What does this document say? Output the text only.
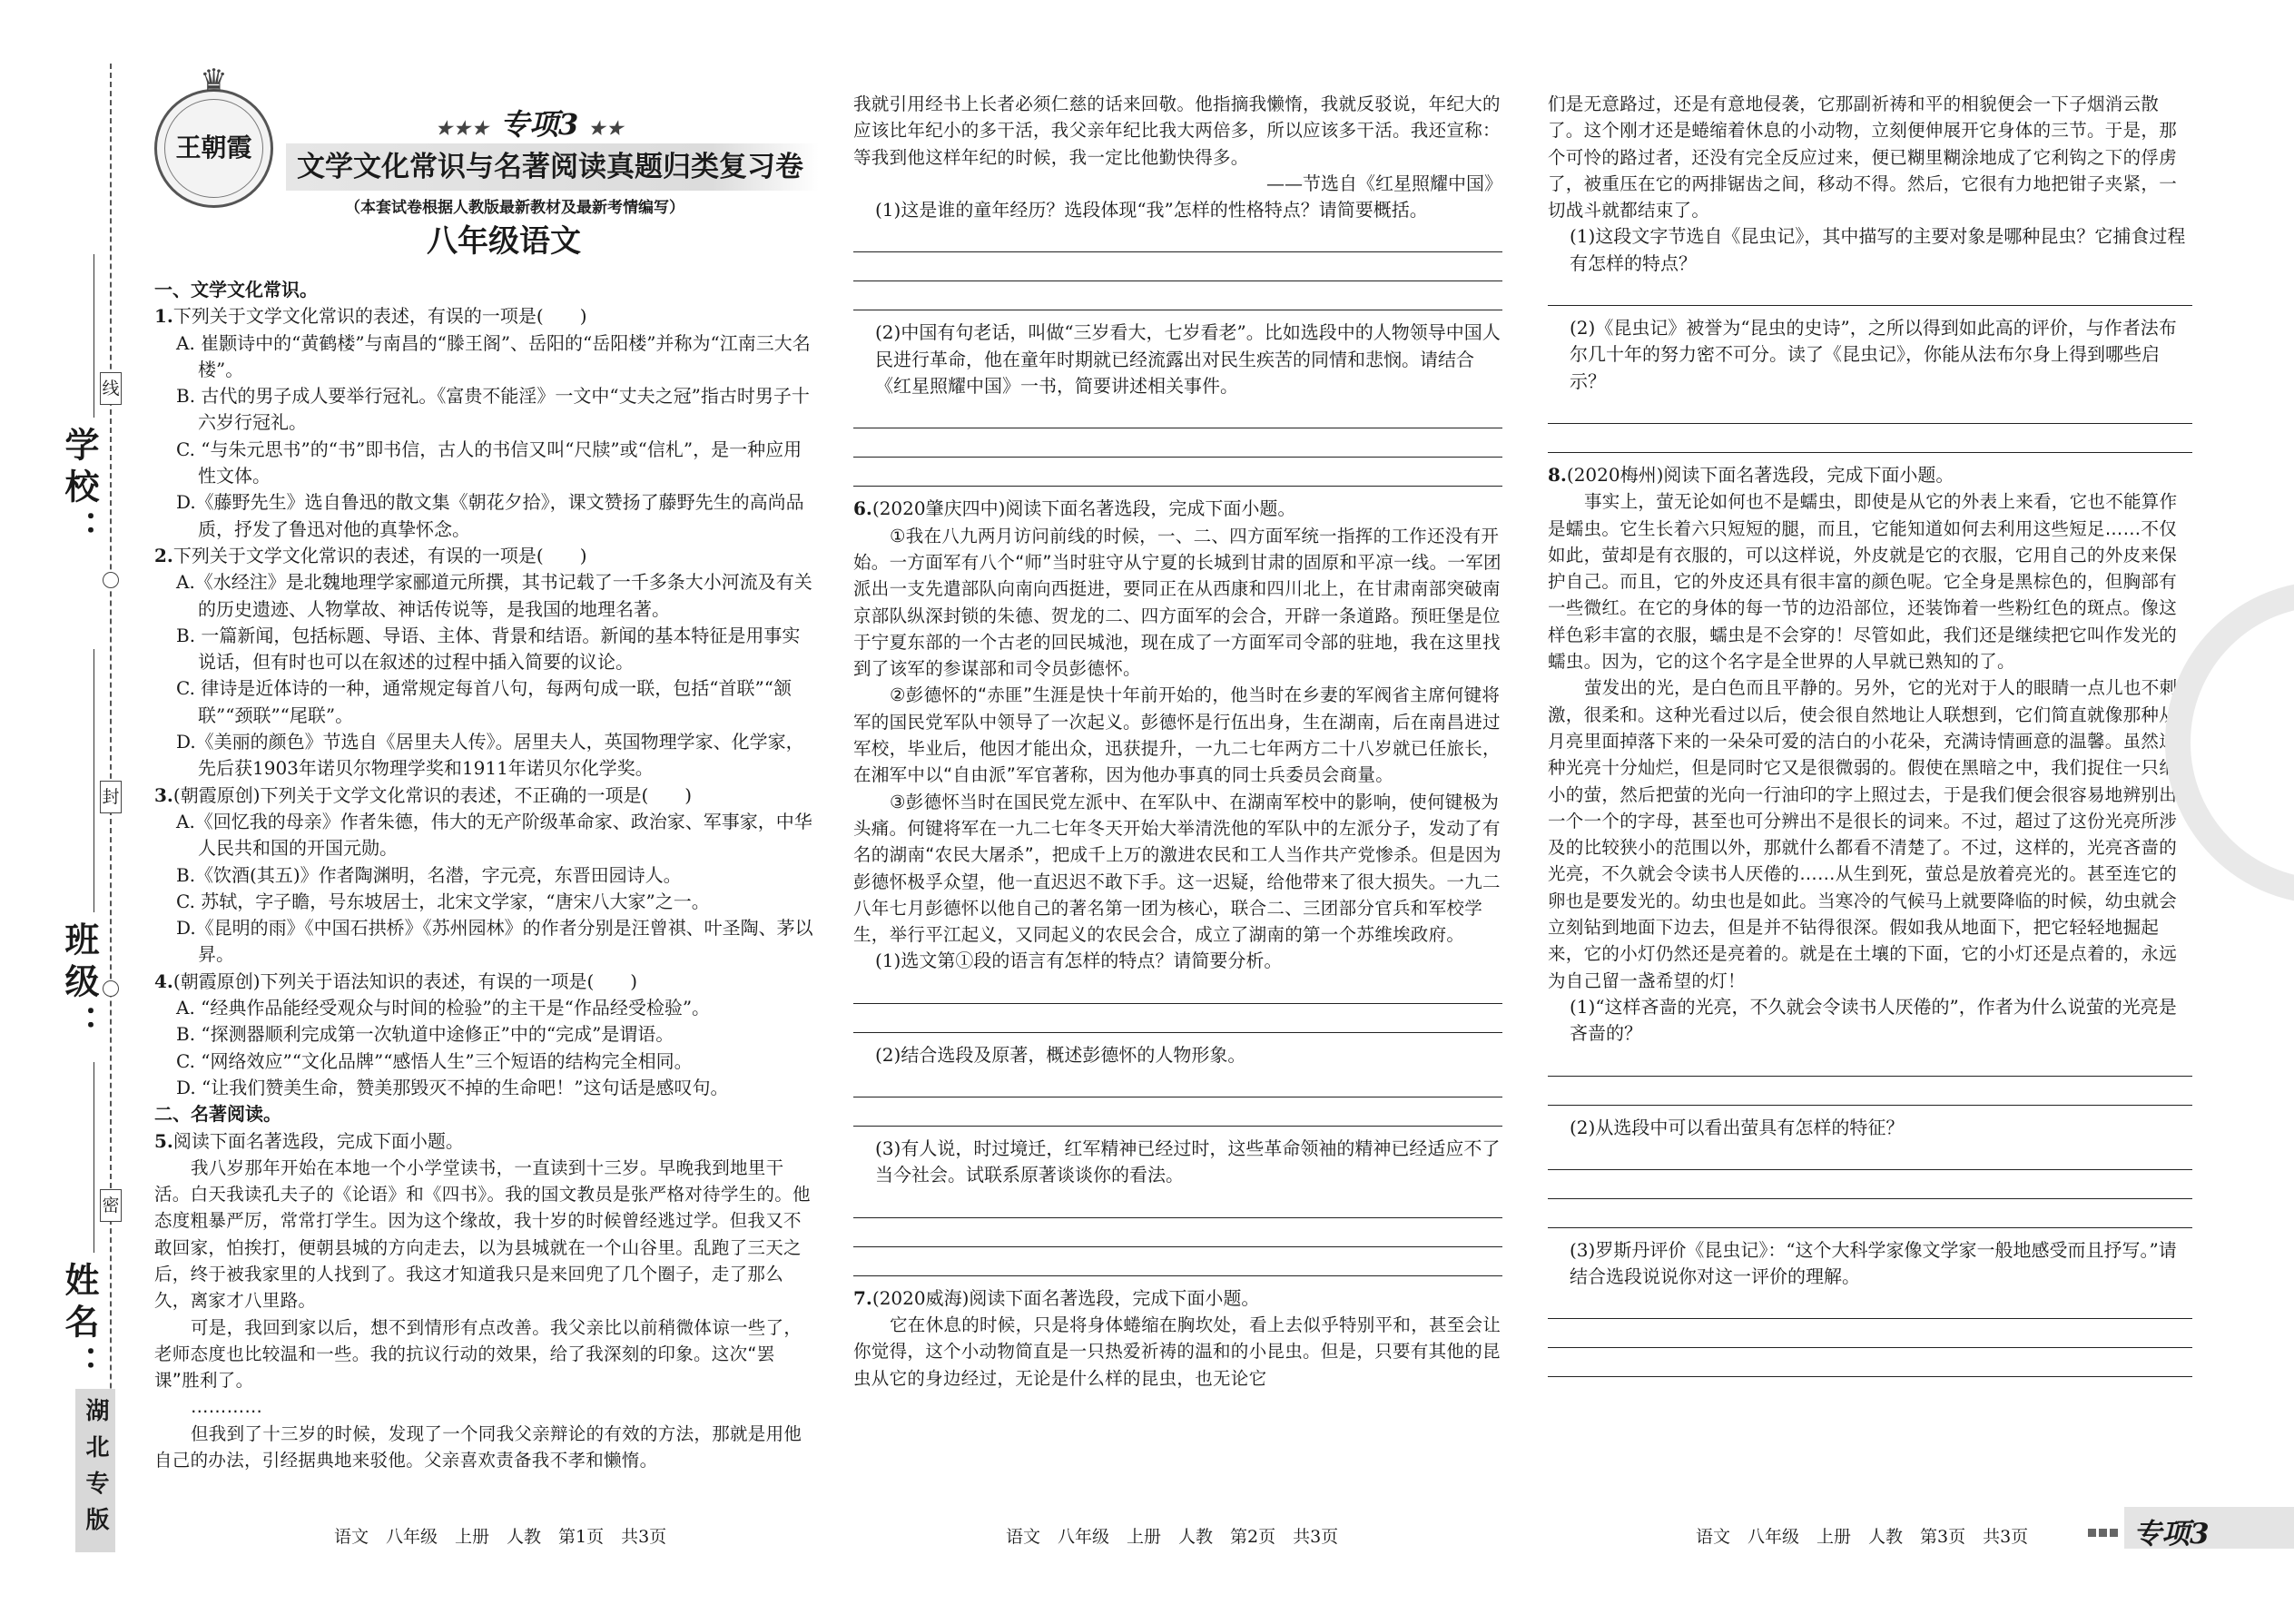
线
封
密
学校：
班级：
姓名：
湖北专版
♛
王朝霞
★★★ 专项3 ★★
文学文化常识与名著阅读真题归类复习卷
（本套试卷根据人教版最新教材及最新考情编写）
八年级语文

一、文学文化常识。

1.下列关于文学文化常识的表述，有误的一项是(　　)

A. 崔颢诗中的“黄鹤楼”与南昌的“滕王阁”、岳阳的“岳阳楼”并称为“江南三大名楼”。

B. 古代的男子成人要举行冠礼。《富贵不能淫》一文中“丈夫之冠”指古时男子十六岁行冠礼。

C. “与朱元思书”的“书”即书信，古人的书信又叫“尺牍”或“信札”，是一种应用性文体。

D.《藤野先生》选自鲁迅的散文集《朝花夕拾》，课文赞扬了藤野先生的高尚品质，抒发了鲁迅对他的真挚怀念。

2.下列关于文学文化常识的表述，有误的一项是(　　)

A.《水经注》是北魏地理学家郦道元所撰，其书记载了一千多条大小河流及有关的历史遗迹、人物掌故、神话传说等，是我国的地理名著。

B. 一篇新闻，包括标题、导语、主体、背景和结语。新闻的基本特征是用事实说话，但有时也可以在叙述的过程中插入简要的议论。

C. 律诗是近体诗的一种，通常规定每首八句，每两句成一联，包括“首联”“颔联”“颈联”“尾联”。

D.《美丽的颜色》节选自《居里夫人传》。居里夫人，英国物理学家、化学家，先后获1903年诺贝尔物理学奖和1911年诺贝尔化学奖。

3.(朝霞原创)下列关于文学文化常识的表述，不正确的一项是(　　)

A.《回忆我的母亲》作者朱德，伟大的无产阶级革命家、政治家、军事家，中华人民共和国的开国元勋。

B.《饮酒(其五)》作者陶渊明，名潜，字元亮，东晋田园诗人。

C. 苏轼，字子瞻，号东坡居士，北宋文学家，“唐宋八大家”之一。

D.《昆明的雨》《中国石拱桥》《苏州园林》的作者分别是汪曾祺、叶圣陶、茅以昇。

4.(朝霞原创)下列关于语法知识的表述，有误的一项是(　　)

A. “经典作品能经受观众与时间的检验”的主干是“作品经受检验”。

B. “探测器顺利完成第一次轨道中途修正”中的“完成”是谓语。

C. “网络效应”“文化品牌”“感悟人生”三个短语的结构完全相同。

D. “让我们赞美生命，赞美那毁灭不掉的生命吧！”这句话是感叹句。

二、名著阅读。

5.阅读下面名著选段，完成下面小题。

我八岁那年开始在本地一个小学堂读书，一直读到十三岁。早晚我到地里干活。白天我读孔夫子的《论语》和《四书》。我的国文教员是张严格对待学生的。他态度粗暴严厉，常常打学生。因为这个缘故，我十岁的时候曾经逃过学。但我又不敢回家，怕挨打，便朝县城的方向走去，以为县城就在一个山谷里。乱跑了三天之后，终于被我家里的人找到了。我这才知道我只是来回兜了几个圈子，走了那么久，离家才八里路。

可是，我回到家以后，想不到情形有点改善。我父亲比以前稍微体谅一些了，老师态度也比较温和一些。我的抗议行动的效果，给了我深刻的印象。这次“罢课”胜利了。

…………

但我到了十三岁的时候，发现了一个同我父亲辩论的有效的方法，那就是用他自己的办法，引经据典地来驳他。父亲喜欢责备我不孝和懒惰。

我就引用经书上长者必须仁慈的话来回敬。他指摘我懒惰，我就反驳说，年纪大的应该比年纪小的多干活，我父亲年纪比我大两倍多，所以应该多干活。我还宣称：等我到他这样年纪的时候，我一定比他勤快得多。

——节选自《红星照耀中国》

(1)这是谁的童年经历？选段体现“我”怎样的性格特点？请简要概括。

(2)中国有句老话，叫做“三岁看大，七岁看老”。比如选段中的人物领导中国人民进行革命，他在童年时期就已经流露出对民生疾苦的同情和悲悯。请结合《红星照耀中国》一书，简要讲述相关事件。

6.(2020肇庆四中)阅读下面名著选段，完成下面小题。

①我在八九两月访问前线的时候，一、二、四方面军统一指挥的工作还没有开始。一方面军有八个“师”当时驻守从宁夏的长城到甘肃的固原和平凉一线。一军团派出一支先遣部队向南向西挺进，要同正在从西康和四川北上，在甘肃南部突破南京部队纵深封锁的朱德、贺龙的二、四方面军的会合，开辟一条道路。预旺堡是位于宁夏东部的一个古老的回民城池，现在成了一方面军司令部的驻地，我在这里找到了该军的参谋部和司令员彭德怀。

②彭德怀的“赤匪”生涯是快十年前开始的，他当时在乡妻的军阀省主席何键将军的国民党军队中领导了一次起义。彭德怀是行伍出身，生在湖南，后在南昌进过军校，毕业后，他因才能出众，迅获提升，一九二七年两方二十八岁就已任旅长，在湘军中以“自由派”军官著称，因为他办事真的同士兵委员会商量。

③彭德怀当时在国民党左派中、在军队中、在湖南军校中的影响，使何键极为头痛。何键将军在一九二七年冬天开始大举清洗他的军队中的左派分子，发动了有名的湖南“农民大屠杀”，把成千上万的激进农民和工人当作共产党惨杀。但是因为彭德怀极孚众望，他一直迟迟不敢下手。这一迟疑，给他带来了很大损失。一九二八年七月彭德怀以他自己的著名第一团为核心，联合二、三团部分官兵和军校学生，举行平江起义，又同起义的农民会合，成立了湖南的第一个苏维埃政府。

(1)选文第①段的语言有怎样的特点？请简要分析。

(2)结合选段及原著，概述彭德怀的人物形象。

(3)有人说，时过境迁，红军精神已经过时，这些革命领袖的精神已经适应不了当今社会。试联系原著谈谈你的看法。

7.(2020威海)阅读下面名著选段，完成下面小题。

它在休息的时候，只是将身体蜷缩在胸坎处，看上去似乎特别平和，甚至会让你觉得，这个小动物简直是一只热爱祈祷的温和的小昆虫。但是，只要有其他的昆虫从它的身边经过，无论是什么样的昆虫，也无论它

们是无意路过，还是有意地侵袭，它那副祈祷和平的相貌便会一下子烟消云散了。这个刚才还是蜷缩着休息的小动物，立刻便伸展开它身体的三节。于是，那个可怜的路过者，还没有完全反应过来，便已糊里糊涂地成了它利钩之下的俘虏了，被重压在它的两排锯齿之间，移动不得。然后，它很有力地把钳子夹紧，一切战斗就都结束了。

(1)这段文字节选自《昆虫记》，其中描写的主要对象是哪种昆虫？它捕食过程有怎样的特点？

(2)《昆虫记》被誉为“昆虫的史诗”，之所以得到如此高的评价，与作者法布尔几十年的努力密不可分。读了《昆虫记》，你能从法布尔身上得到哪些启示？

8.(2020梅州)阅读下面名著选段，完成下面小题。

事实上，萤无论如何也不是蠕虫，即使是从它的外表上来看，它也不能算作是蠕虫。它生长着六只短短的腿，而且，它能知道如何去利用这些短足……不仅如此，萤却是有衣服的，可以这样说，外皮就是它的衣服，它用自己的外皮来保护自己。而且，它的外皮还具有很丰富的颜色呢。它全身是黑棕色的，但胸部有一些微红。在它的身体的每一节的边沿部位，还装饰着一些粉红色的斑点。像这样色彩丰富的衣服，蠕虫是不会穿的！尽管如此，我们还是继续把它叫作发光的蠕虫。因为，它的这个名字是全世界的人早就已熟知的了。

萤发出的光，是白色而且平静的。另外，它的光对于人的眼睛一点儿也不刺激，很柔和。这种光看过以后，使会很自然地让人联想到，它们简直就像那种从月亮里面掉落下来的一朵朵可爱的洁白的小花朵，充满诗情画意的温馨。虽然这种光亮十分灿烂，但是同时它又是很微弱的。假使在黑暗之中，我们捉住一只细小的萤，然后把萤的光向一行油印的字上照过去，于是我们便会很容易地辨别出一个一个的字母，甚至也可分辨出不是很长的词来。不过，超过了这份光亮所涉及的比较狭小的范围以外，那就什么都看不清楚了。不过，这样的，光亮吝啬的光亮，不久就会令读书人厌倦的……从生到死，萤总是放着亮光的。甚至连它的卵也是要发光的。幼虫也是如此。当寒冷的气候马上就要降临的时候，幼虫就会立刻钻到地面下边去，但是并不钻得很深。假如我从地面下，把它轻轻地掘起来，它的小灯仍然还是亮着的。就是在土壤的下面，它的小灯还是点着的，永远为自己留一盏希望的灯！

(1)“这样吝啬的光亮，不久就会令读书人厌倦的”，作者为什么说萤的光亮是吝啬的？

(2)从选段中可以看出萤具有怎样的特征？

(3)罗斯丹评价《昆虫记》：“这个大科学家像文学家一般地感受而且抒写。”请结合选段说说你对这一评价的理解。

语文　八年级　上册　人教　第1页　共3页	语文　八年级　上册　人教　第2页　共3页	语文　八年级　上册　人教　第3页　共3页	专项3
